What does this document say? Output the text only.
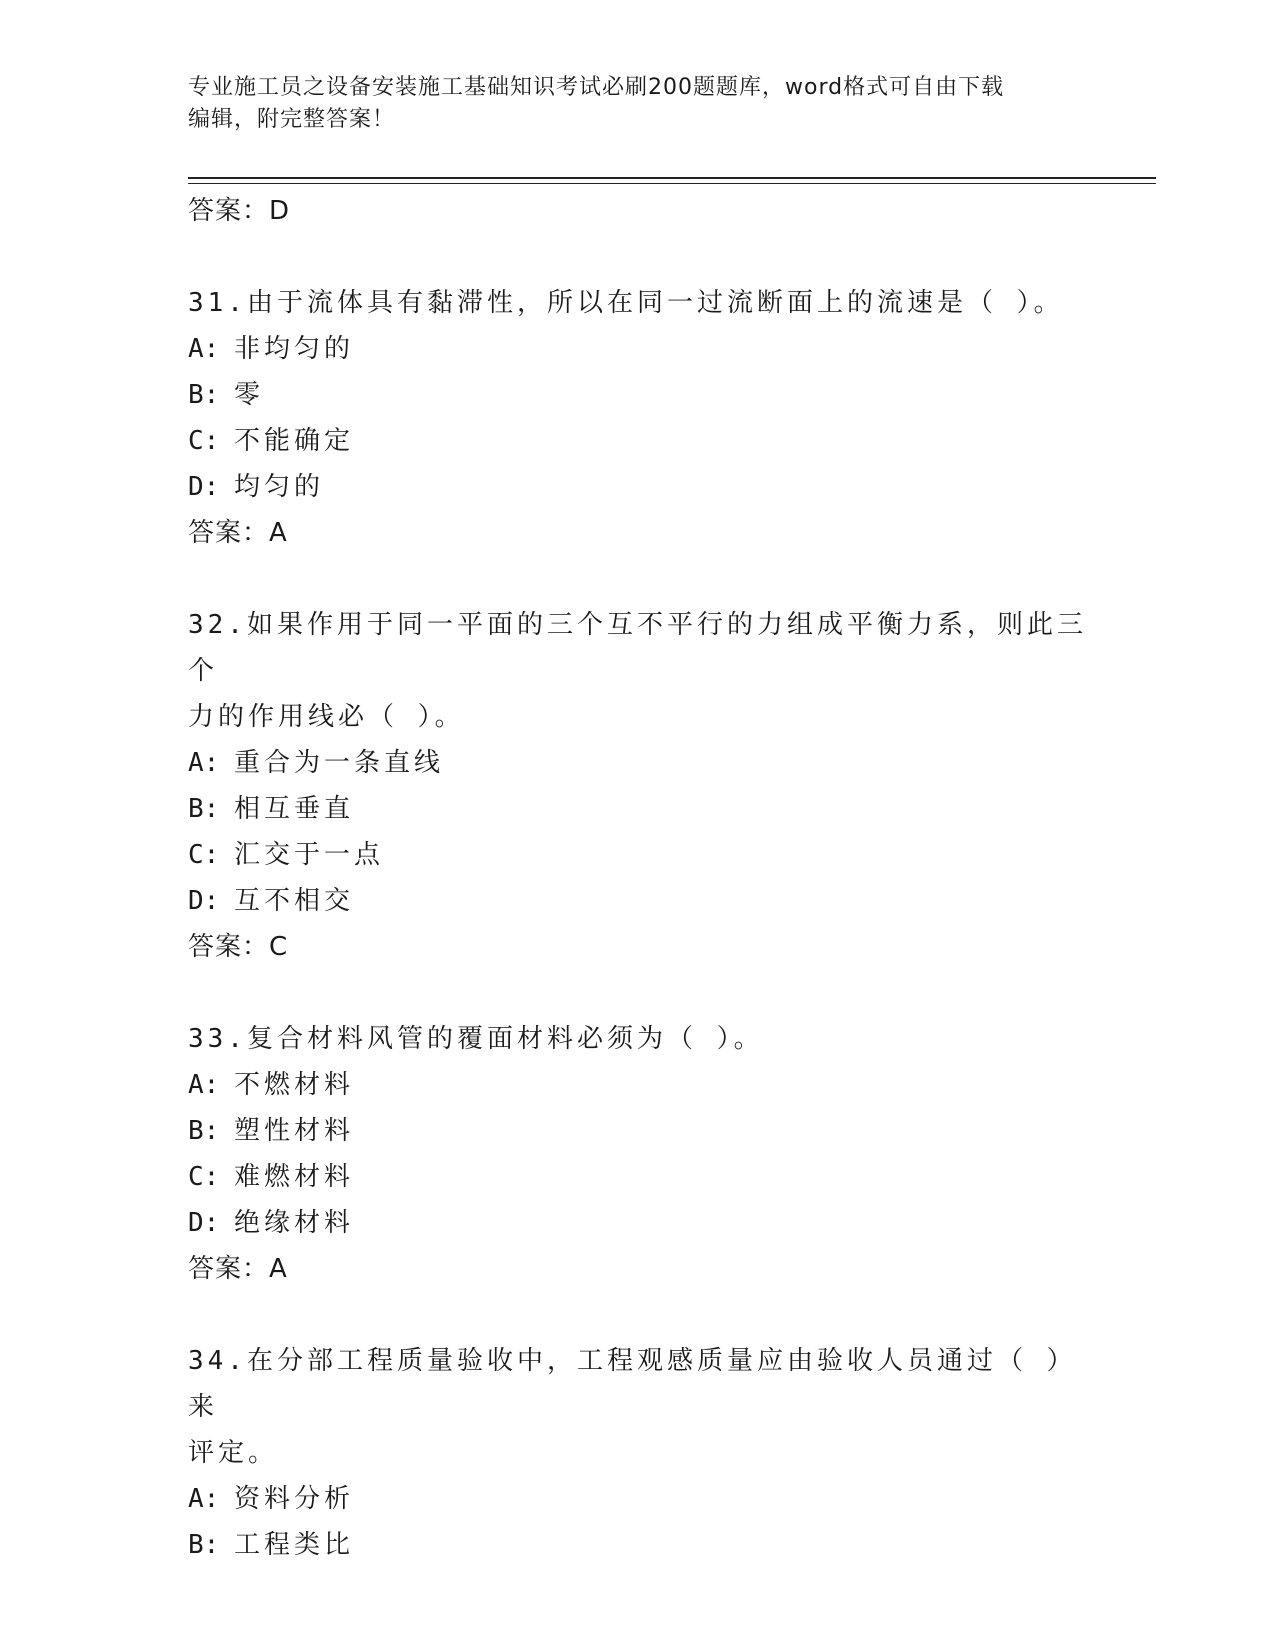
专业施工员之设备安装施工基础知识考试必刷200题题库，word格式可自由下载
编辑，附完整答案！
答案：D
31.由于流体具有黏滞性，所以在同一过流断面上的流速是（ ）。
A: 非均匀的
B: 零
C: 不能确定
D: 均匀的
答案：A
32.如果作用于同一平面的三个互不平行的力组成平衡力系，则此三个
力的作用线必（ ）。
A: 重合为一条直线
B: 相互垂直
C: 汇交于一点
D: 互不相交
答案：C
33.复合材料风管的覆面材料必须为（ ）。
A: 不燃材料
B: 塑性材料
C: 难燃材料
D: 绝缘材料
答案：A
34.在分部工程质量验收中，工程观感质量应由验收人员通过（ ）来
评定。
A: 资料分析
B: 工程类比
